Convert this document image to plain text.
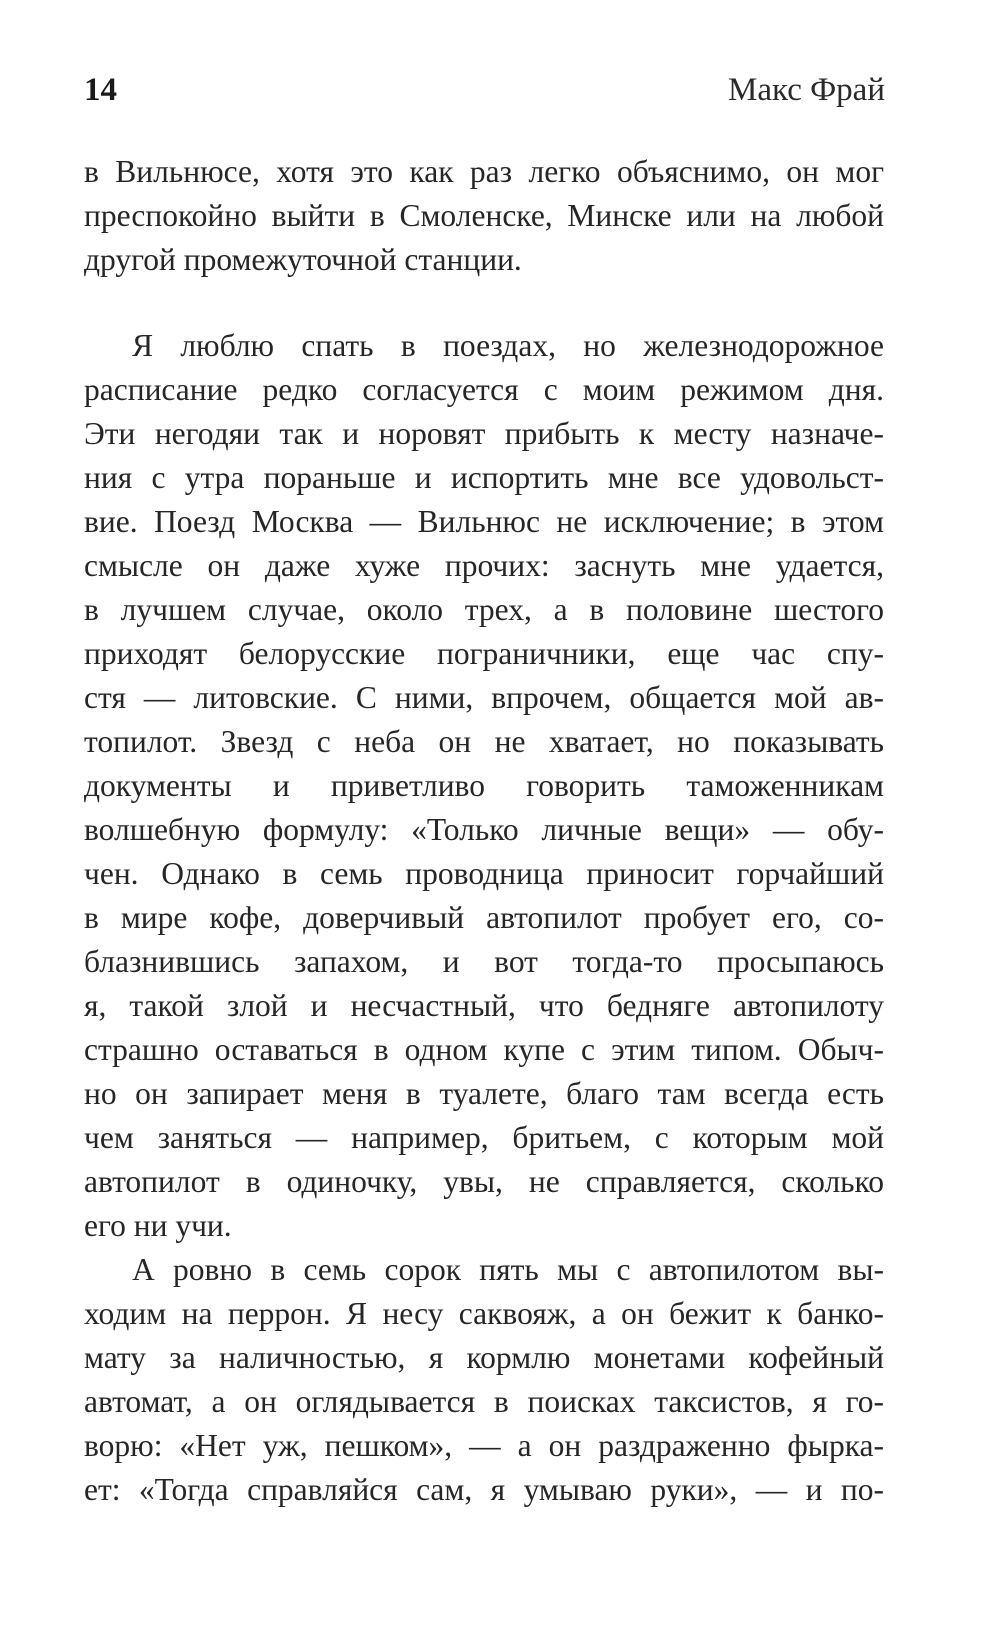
14	Макс Фрай
в Вильнюсе, хотя это как раз легко объяснимо, он мог
преспокойно выйти в Смоленске, Минске или на любой
другой промежуточной станции.
Я люблю спать в поездах, но железнодорожное
расписание редко согласуется с моим режимом дня.
Эти негодяи так и норовят прибыть к месту назначе-
ния с утра пораньше и испортить мне все удовольст-
вие. Поезд Москва — Вильнюс не исключение; в этом
смысле он даже хуже прочих: заснуть мне удается,
в лучшем случае, около трех, а в половине шестого
приходят белорусские пограничники, еще час спу-
стя — литовские. С ними, впрочем, общается мой ав-
топилот. Звезд с неба он не хватает, но показывать
документы и приветливо говорить таможенникам
волшебную формулу: «Только личные вещи» — обу-
чен. Однако в семь проводница приносит горчайший
в мире кофе, доверчивый автопилот пробует его, со-
блазнившись запахом, и вот тогда-то просыпаюсь
я, такой злой и несчастный, что бедняге автопилоту
страшно оставаться в одном купе с этим типом. Обыч-
но он запирает меня в туалете, благо там всегда есть
чем заняться — например, бритьем, с которым мой
автопилот в одиночку, увы, не справляется, сколько
его ни учи.
А ровно в семь сорок пять мы с автопилотом вы-
ходим на перрон. Я несу саквояж, а он бежит к банко-
мату за наличностью, я кормлю монетами кофейный
автомат, а он оглядывается в поисках таксистов, я го-
ворю: «Нет уж, пешком», — а он раздраженно фырка-
ет: «Тогда справляйся сам, я умываю руки», — и по-
